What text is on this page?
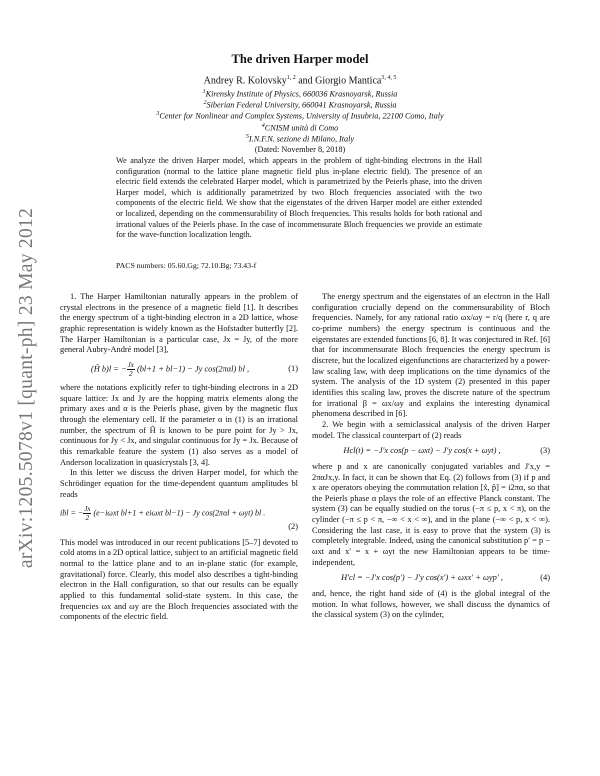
arXiv:1205.5078v1 [quant-ph] 23 May 2012
The driven Harper model
Andrey R. Kolovsky$^{1, 2}$ and Giorgio Mantica$^{3, 4, 5}$
$^1$Kirensky Institute of Physics, 660036 Krasnoyarsk, Russia
$^2$Siberian Federal University, 660041 Krasnoyarsk, Russia
$^3$Center for Nonlinear and Complex Systems, University of Insubria, 22100 Como, Italy
$^4$CNISM unità di Como
$^5$I.N.F.N. sezione di Milano, Italy
(Dated: November 8, 2018)
We analyze the driven Harper model, which appears in the problem of tight-binding electrons in the Hall configuration (normal to the lattice plane magnetic field plus in-plane electric field). The presence of an electric field extends the celebrated Harper model, which is parametrized by the Peierls phase, into the driven Harper model, which is additionally parametrized by two Bloch frequencies associated with the two components of the electric field. We show that the eigenstates of the driven Harper model are either extended or localized, depending on the commensurability of Bloch frequencies. This results holds for both rational and irrational values of the Peierls phase. In the case of incommensurate Bloch frequencies we provide an estimate for the wave-function localization length.
PACS numbers: 05.60.Gg; 72.10.Bg; 73.43-f

1. The Harper Hamiltonian naturally appears in the problem of crystal electrons in the presence of a magnetic field [1]. It describes the energy spectrum of a tight-binding electron in a 2D lattice, whose graphic representation is widely known as the Hofstadter butterfly [2]. The Harper Hamiltonian is a particular case, Jx = Jy, of the more general Aubry-André model [3],

(Ĥ b)l = − $\frac{Jx}{2} (bl+1 + bl-1) - Jy$ cos(2παl) bl ,	(1)

where the notations explicitly refer to tight-binding electrons in a 2D square lattice: Jx and Jy are the hopping matrix elements along the primary axes and α is the Peierls phase, given by the magnetic flux through the elementary cell. If the parameter α in (1) is an irrational number, the spectrum of Ĥ is known to be pure point for Jy > Jx, continuous for Jy < Jx, and singular continuous for Jy = Jx. Because of this remarkable feature the system (1) also serves as a model of Anderson localization in quasicrystals [3, 4].

In this letter we discuss the driven Harper model, for which the Schrödinger equation for the time-dependent quantum amplitudes bl reads

iḃl = − $\frac{Jx}{2} (e-i\omega xt$ bl+1 + eiωxt bl−1) − Jy cos(2παl + ωyt) bl .
(2)

This model was introduced in our recent publications [5–7] devoted to cold atoms in a 2D optical lattice, subject to an artificial magnetic field normal to the lattice plane and to an in-plane static (for example, gravitational) force. Clearly, this model also describes a tight-binding electron in the Hall configuration, so that our results can be equally applied to this fundamental solid-state system. In this case, the frequencies ωx and ωy are the Bloch frequencies associated with the components of the electric field.

The energy spectrum and the eigenstates of an electron in the Hall configuration crucially depend on the commensurability of Bloch frequencies. Namely, for any rational ratio ωx/ωy = r/q (here r, q are co-prime numbers) the energy spectrum is continuous and the eigenstates are extended functions [6, 8]. It was conjectured in Ref. [6] that for incommensurate Bloch frequencies the energy spectrum is discrete, but the localized eigenfunctions are characterized by a power-law scaling law, with deep implications on the time dynamics of the system. The analysis of the 1D system (2) presented in this paper identifies this scaling law, proves the discrete nature of the spectrum for irrational β = ωx/ωy and explains the interesting dynamical phenomena described in [6].

2. We begin with a semiclassical analysis of the driven Harper model. The classical counterpart of (2) reads

Hcl(t) = −J′x cos(p − ωxt) − J′y cos(x + ωyt) ,	(3)

where p and x are canonically conjugated variables and J′x,y = 2παJx,y. In fact, it can be shown that Eq. (2) follows from (3) if p and x are operators obeying the commutation relation [x̂, p̂] = i2πα, so that the Peierls phase α plays the role of an effective Planck constant. The system (3) can be equally studied on the torus (−π ≤ p, x < π), on the cylinder (−π ≤ p < π, −∞ < x < ∞), and in the plane (−∞ < p, x < ∞). Considering the last case, it is easy to prove that the system (3) is completely integrable. Indeed, using the canonical substitution p′ = p − ωxt and x′ = x + ωyt the new Hamiltonian appears to be time-independent,

H′cl = −J′x cos(p′) − J′y cos(x′) + ωxx′ + ωyp′ ,	(4)

and, hence, the right hand side of (4) is the global integral of the motion. In what follows, however, we shall discuss the dynamics of the classical system (3) on the cylinder,
